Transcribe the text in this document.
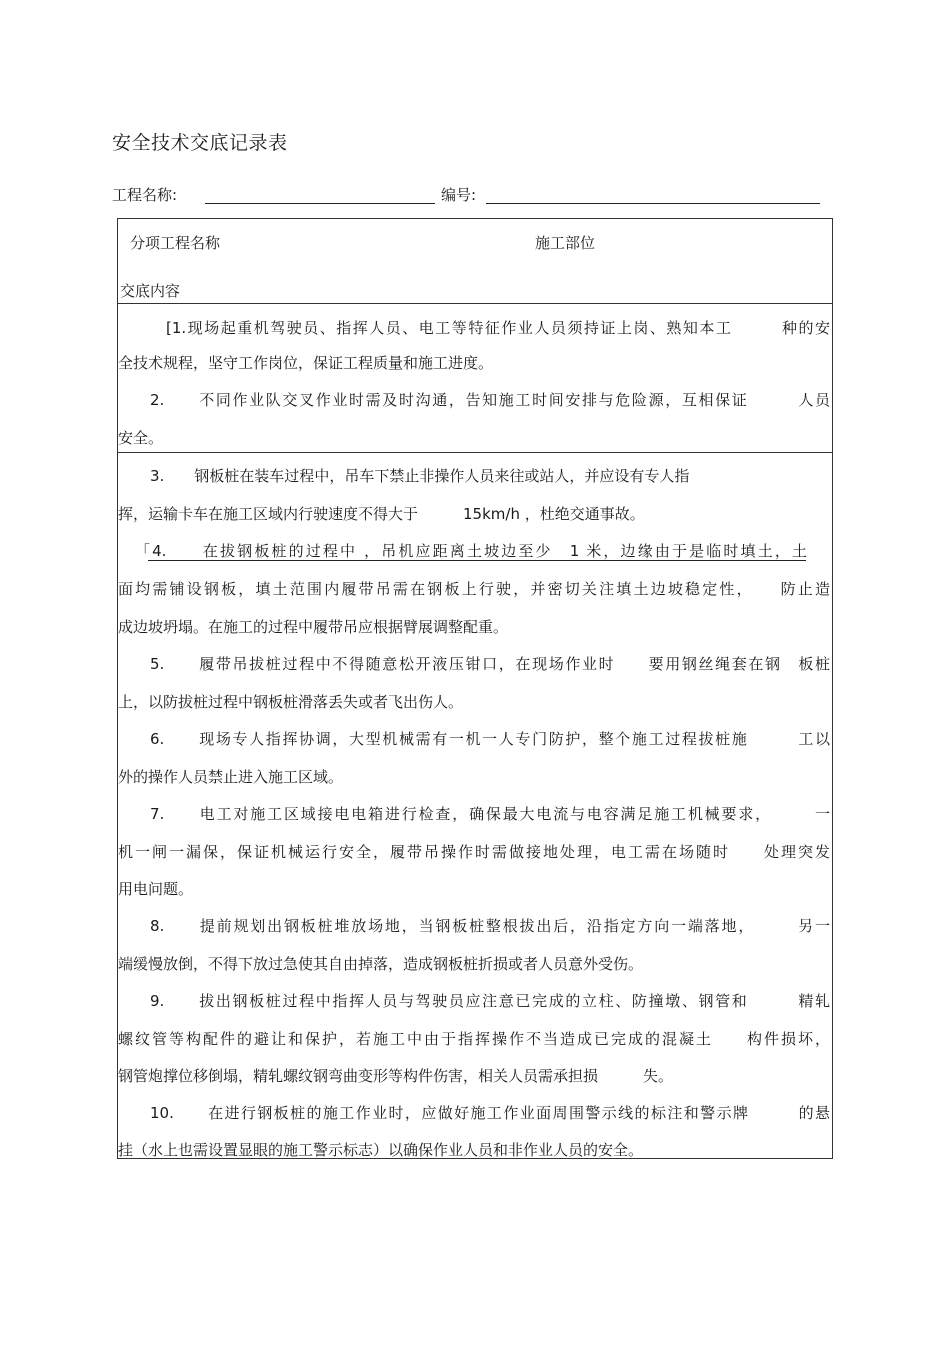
安全技术交底记录表
工程名称:	编号:
分项工程名称	施工部位
交底内容
[1.现场起重机驾驶员、指挥人员、电工等特征作业人员须持证上岗、熟知本工　　　种的安
全技术规程，坚守工作岗位，保证工程质量和施工进度。
2.　　不同作业队交叉作业时需及时沟通，告知施工时间安排与危险源，互相保证　　　人员
安全。
3.　　钢板桩在装车过程中，吊车下禁止非操作人员来往或站人，并应设有专人指
挥，运输卡车在施工区域内行驶速度不得大于　　　15km/h ，杜绝交通事故。
「4.　　在拔钢板桩的过程中 ，吊机应距离土坡边至少　1 米，边缘由于是临时填土，土
面均需铺设钢板，填土范围内履带吊需在钢板上行驶，并密切关注填土边坡稳定性，　　防止造
成边坡坍塌。在施工的过程中履带吊应根据臂展调整配重。
5.　　履带吊拔桩过程中不得随意松开液压钳口，在现场作业时　　要用钢丝绳套在钢　板桩
上，以防拔桩过程中钢板桩滑落丢失或者飞出伤人。
6.　　现场专人指挥协调，大型机械需有一机一人专门防护，整个施工过程拔桩施　　　工以
外的操作人员禁止进入施工区域。
7.　　电工对施工区域接电电箱进行检查，确保最大电流与电容满足施工机械要求，　　　一
机一闸一漏保，保证机械运行安全，履带吊操作时需做接地处理，电工需在场随时　　处理突发
用电问题。
8.　　提前规划出钢板桩堆放场地，当钢板桩整根拔出后，沿指定方向一端落地，　　　另一
端缓慢放倒，不得下放过急使其自由掉落，造成钢板桩折损或者人员意外受伤。
9.　　拔出钢板桩过程中指挥人员与驾驶员应注意已完成的立柱、防撞墩、钢管和　　　精轧
螺纹管等构配件的避让和保护，若施工中由于指挥操作不当造成已完成的混凝土　　构件损坏，
钢管炮撑位移倒塌，精轧螺纹钢弯曲变形等构件伤害，相关人员需承担损　　　失。
10.　　在进行钢板桩的施工作业时，应做好施工作业面周围警示线的标注和警示牌　　　的悬
挂（水上也需设置显眼的施工警示标志）以确保作业人员和非作业人员的安全。
